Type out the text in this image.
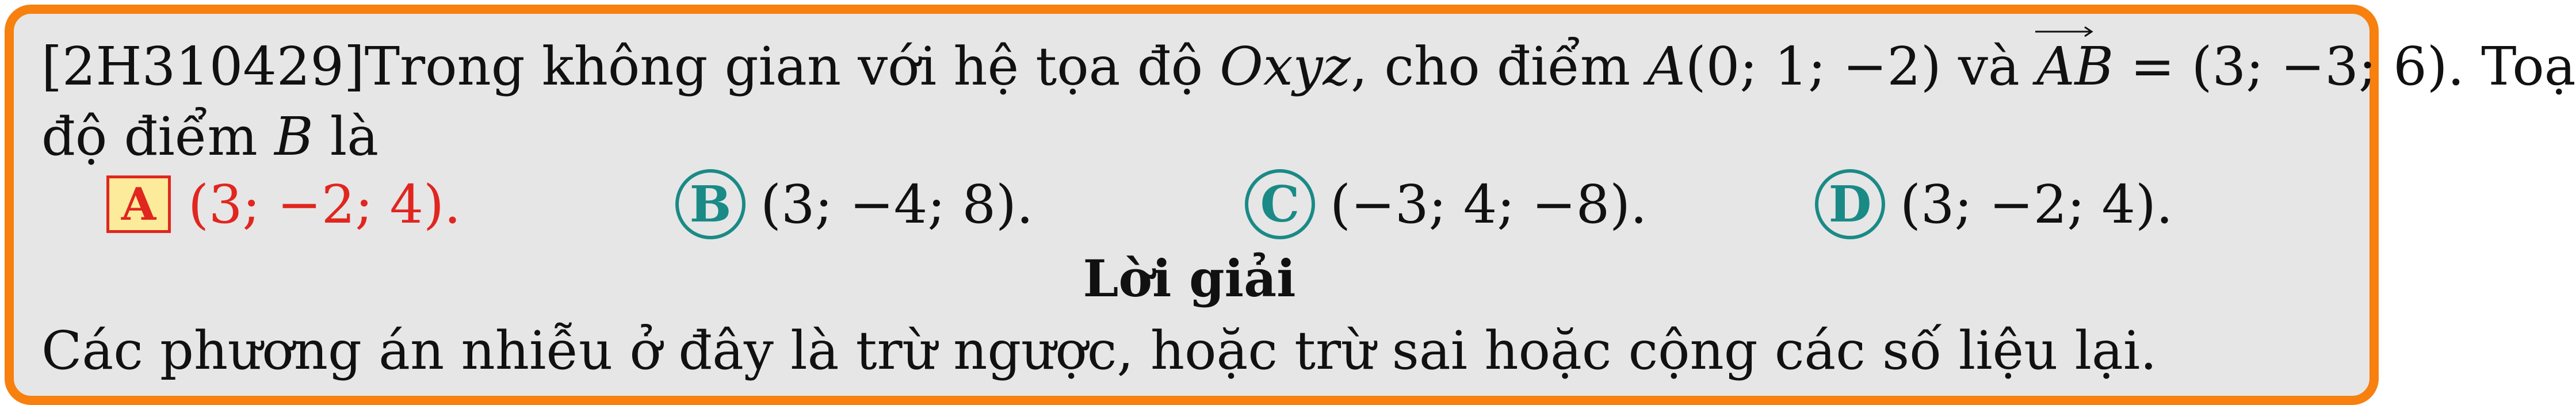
[2H310429]Trong không gian với hệ tọa độ Oxyz, cho điểm A(0; 1; −2) và
AB = (3; −3; 6). Toạ
độ điểm B là
A (3; −2; 4).	B (3; −4; 8).	C (−3; 4; −8).	D (3; −2; 4).
Lời giải
Các phương án nhiễu ở đây là trừ ngược, hoặc trừ sai hoặc cộng các số liệu lại.
